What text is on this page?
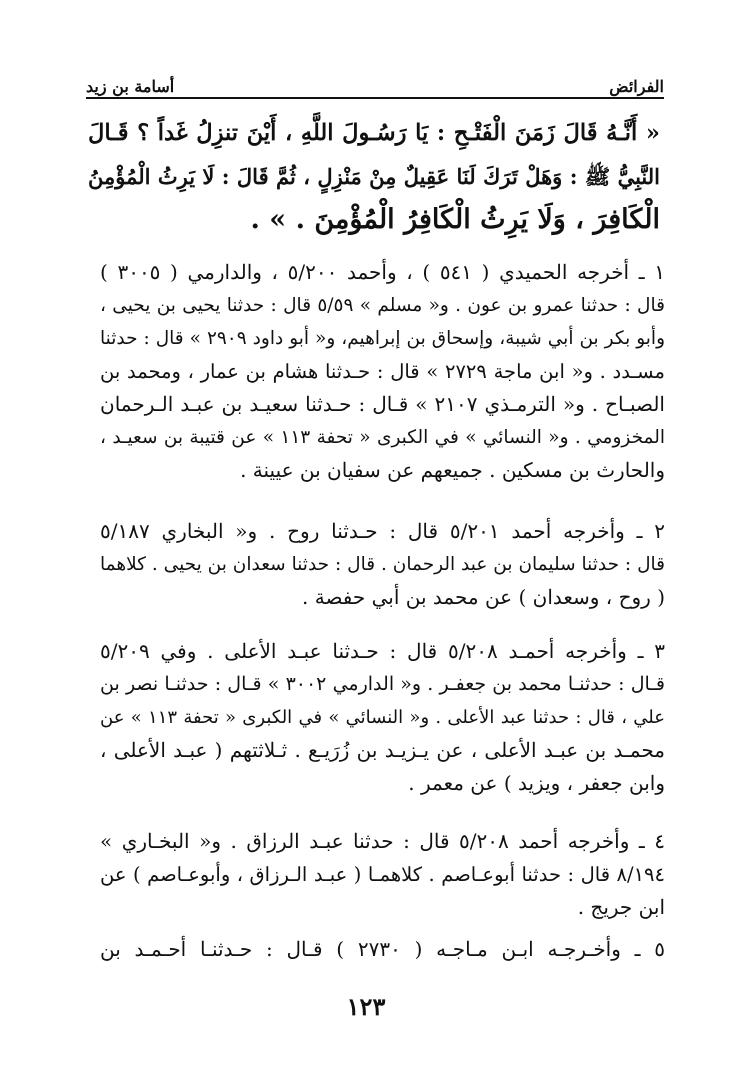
الفرائض
أسامة بن زيد

« أَنَّـهُ قَالَ زَمَنَ الْفَتْـحِ : يَا رَسُـولَ اللَّهِ ، أَيْنَ تنزِلُ غَداً ؟ قَـالَ

النَّبِيُّ ﷺ : وَهَلْ تَرَكَ لَنَا عَقِيلٌ مِنْ مَنْزِلٍ ، ثُمَّ قَالَ : لَا يَرِثُ الْمُؤْمِنُ

الْكَافِرَ ، وَلَا يَرِثُ الْكَافِرُ الْمُؤْمِنَ . » .

١ ـ أخرجه الحميدي ( ٥٤١ ) ، وأحمد ٥/٢٠٠ ، والدارمي ( ٣٠٠٥ )

قال : حدثنا عمرو بن عون . و« مسلم » ٥/٥٩ قال : حدثنا يحيى بن يحيى ،

وأبو بكر بن أبي شيبة، وإسحاق بن إبراهيم، و« أبو داود ٢٩٠٩ » قال : حدثنا

مسـدد . و« ابن ماجة ٢٧٢٩ » قال : حـدثنا هشام بن عمار ، ومحمد بن

الصبـاح . و« الترمـذي ٢١٠٧ » قـال : حـدثنا سعيـد بن عبـد الـرحمان

المخزومي . و« النسائي » في الكبرى « تحفة ١١٣ » عن قتيبة بن سعيـد ،

والحارث بن مسكين . جميعهم عن سفيان بن عيينة .

٢ ـ وأخرجه أحمد ٥/٢٠١ قال : حـدثنا روح . و« البخاري ٥/١٨٧

قال : حدثنا سليمان بن عبد الرحمان . قال : حدثنا سعدان بن يحيى . كلاهما

( روح ، وسعدان ) عن محمد بن أبي حفصة .

٣ ـ وأخرجه أحمـد ٥/٢٠٨ قال : حـدثنا عبـد الأعلى . وفي ٥/٢٠٩

قـال : حدثنـا محمد بن جعفـر . و« الدارمي ٣٠٠٢ » قـال : حدثنـا نصر بن

علي ، قال : حدثنا عبد الأعلى . و« النسائي » في الكبرى « تحفة ١١٣ » عن

محمـد بن عبـد الأعلى ، عن يـزيـد بن زُرَيـع . ثـلاثتهم ( عبـد الأعلى ،

وابن جعفر ، ويزيد ) عن معمر .

٤ ـ وأخرجه أحمد ٥/٢٠٨ قال : حدثنا عبـد الرزاق . و« البخـاري »

٨/١٩٤ قال : حدثنا أبوعـاصم . كلاهمـا ( عبـد الـرزاق ، وأبوعـاصم ) عن

ابن جريج .

٥ ـ وأخـرجـه ابـن مـاجـه ( ٢٧٣٠ ) قـال : حـدثنـا أحـمـد بن

١٢٣
